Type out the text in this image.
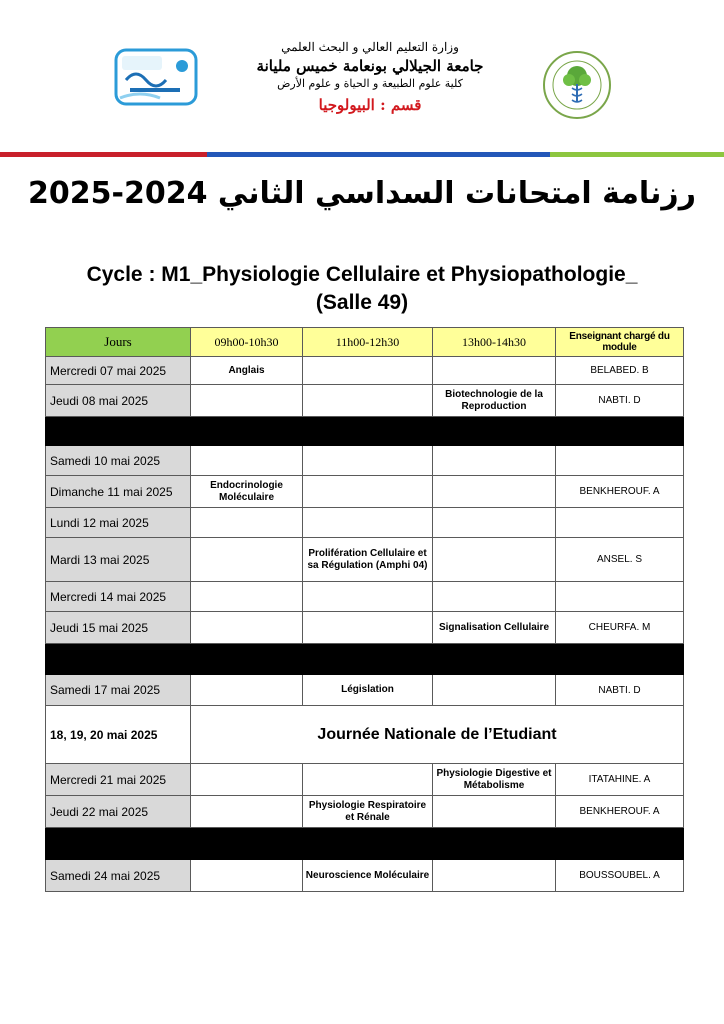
وزارة التعليم العالي و البحث العلمي
جامعة الجيلالي بونعامة خميس مليانة
كلية علوم الطبيعة و الحياة و علوم الأرض
قسم : البيولوجيا
رزنامة امتحانات السداسي الثاني 2024-2025
Cycle : M1_Physiologie Cellulaire et Physiopathologie_
(Salle 49)
Jours	09h00-10h30	11h00-12h30	13h00-14h30	Enseignant chargé du module
Mercredi 07 mai 2025	Anglais			BELABED. B
Jeudi 08 mai 2025			Biotechnologie de la Reproduction	NABTI. D

Samedi 10 mai 2025				
Dimanche 11 mai 2025	Endocrinologie Moléculaire			BENKHEROUF. A
Lundi 12 mai 2025				
Mardi 13 mai 2025		Prolifération Cellulaire et sa Régulation (Amphi 04)		ANSEL. S
Mercredi 14 mai 2025				
Jeudi 15 mai 2025			Signalisation Cellulaire	CHEURFA. M

Samedi 17 mai 2025		Législation		NABTI. D
18, 19, 20 mai 2025	Journée Nationale de l’Etudiant			
Mercredi 21 mai 2025			Physiologie Digestive et Métabolisme	ITATAHINE. A
Jeudi 22 mai 2025		Physiologie Respiratoire et Rénale		BENKHEROUF. A

Samedi 24 mai 2025		Neuroscience Moléculaire		BOUSSOUBEL. A
